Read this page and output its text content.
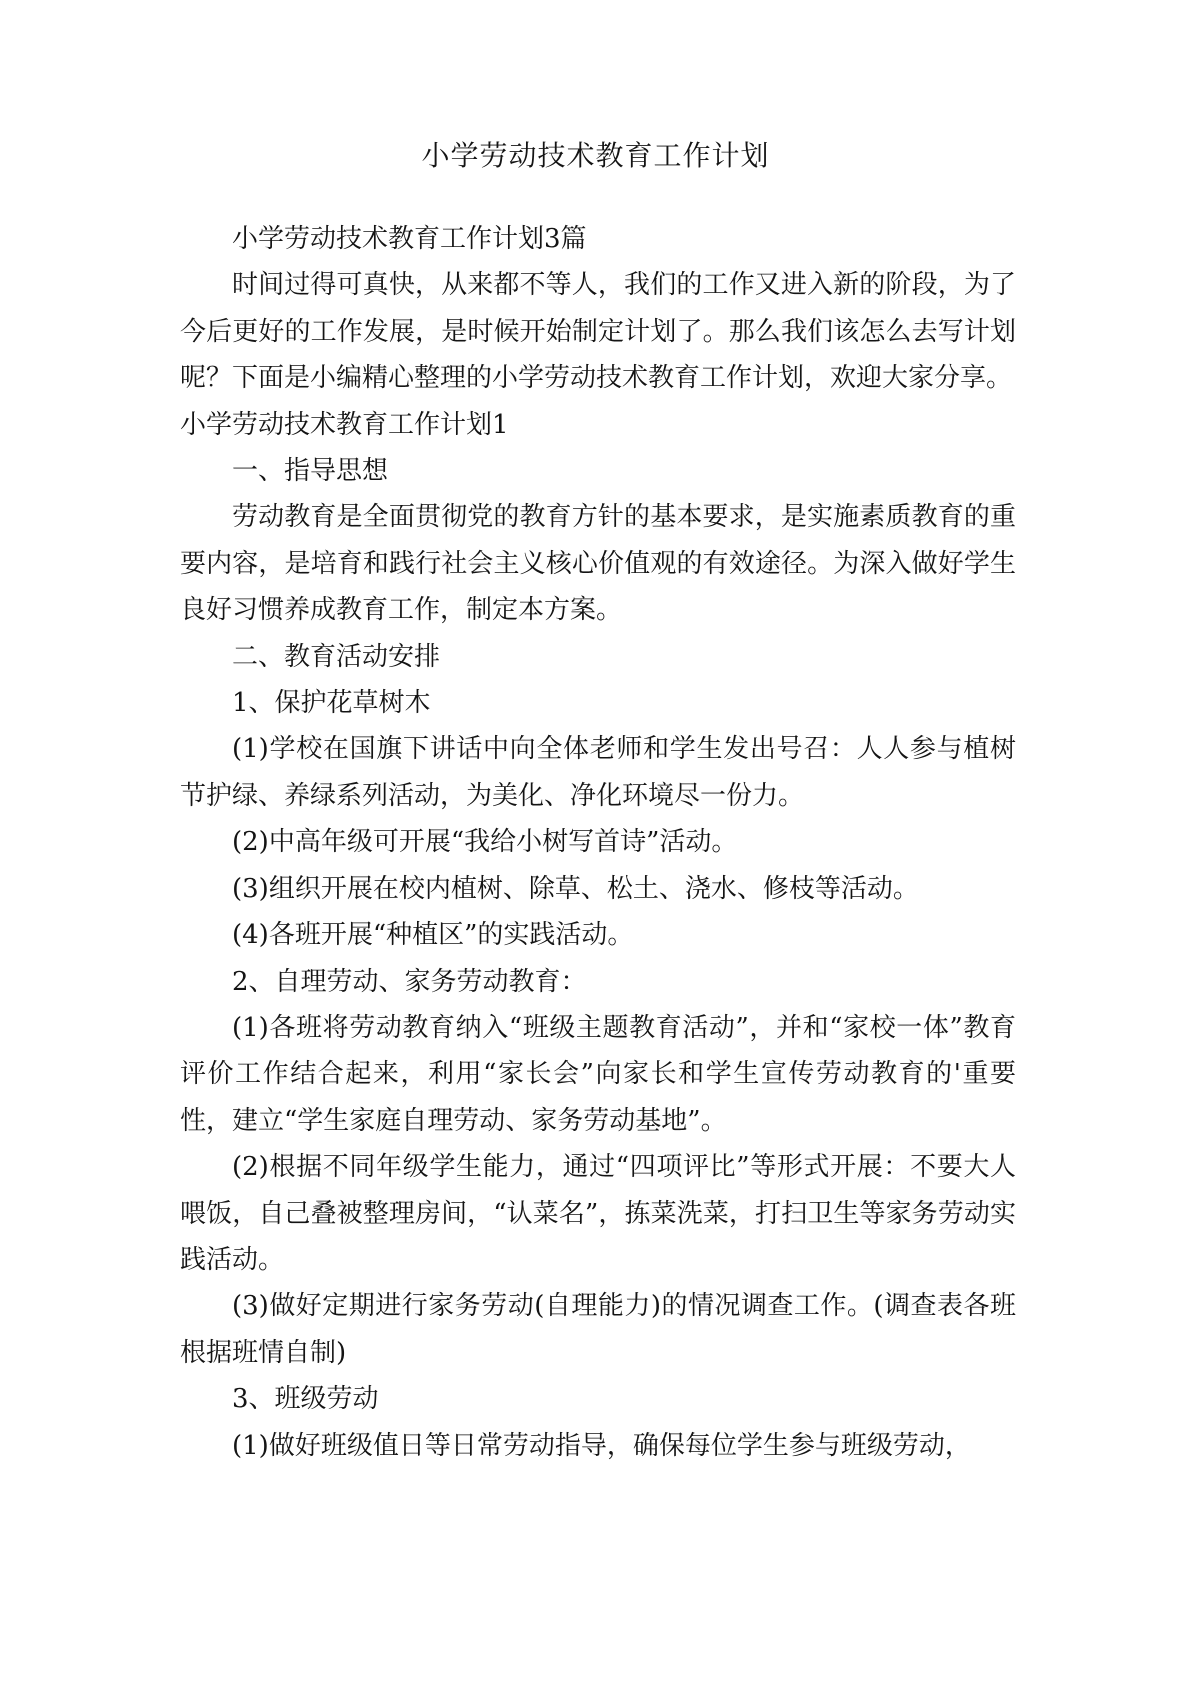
小学劳动技术教育工作计划

小学劳动技术教育工作计划3篇

时间过得可真快，从来都不等人，我们的工作又进入新的阶段，为了今后更好的工作发展，是时候开始制定计划了。那么我们该怎么去写计划呢？下面是小编精心整理的小学劳动技术教育工作计划，欢迎大家分享。

小学劳动技术教育工作计划1

一、指导思想

劳动教育是全面贯彻党的教育方针的基本要求，是实施素质教育的重要内容，是培育和践行社会主义核心价值观的有效途径。为深入做好学生良好习惯养成教育工作，制定本方案。

二、教育活动安排

1、保护花草树木

(1)学校在国旗下讲话中向全体老师和学生发出号召：人人参与植树节护绿、养绿系列活动，为美化、净化环境尽一份力。

(2)中高年级可开展“我给小树写首诗”活动。

(3)组织开展在校内植树、除草、松土、浇水、修枝等活动。

(4)各班开展“种植区”的实践活动。

2、自理劳动、家务劳动教育：

(1)各班将劳动教育纳入“班级主题教育活动”，并和“家校一体”教育评价工作结合起来，利用“家长会”向家长和学生宣传劳动教育的'重要性，建立“学生家庭自理劳动、家务劳动基地”。

(2)根据不同年级学生能力，通过“四项评比”等形式开展：不要大人喂饭，自己叠被整理房间，“认菜名”，拣菜洗菜，打扫卫生等家务劳动实践活动。

(3)做好定期进行家务劳动(自理能力)的情况调查工作。(调查表各班根据班情自制)

3、班级劳动

(1)做好班级值日等日常劳动指导，确保每位学生参与班级劳动，
